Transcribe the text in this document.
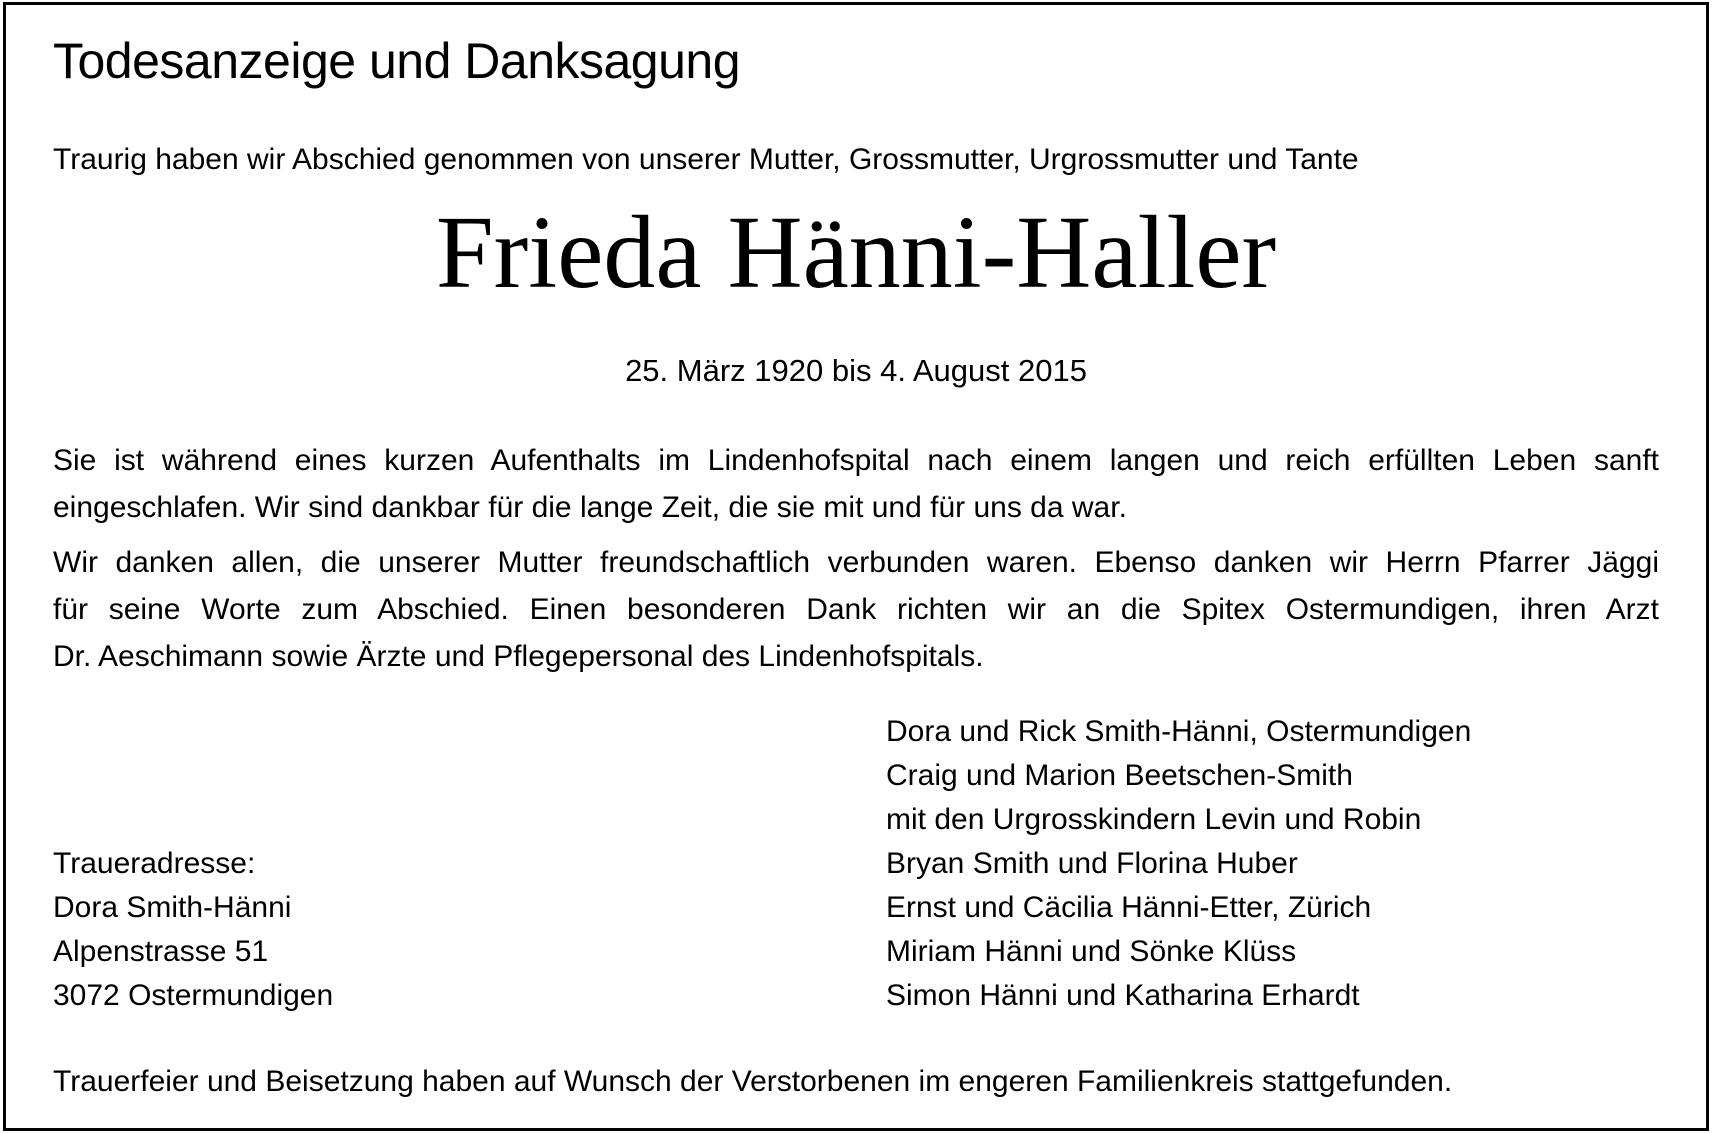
Todesanzeige und Danksagung
Traurig haben wir Abschied genommen von unserer Mutter, Grossmutter, Urgrossmutter und Tante
Frieda Hänni-Haller
25. März 1920 bis 4. August 2015
Sie ist während eines kurzen Aufenthalts im Lindenhofspital nach einem langen und reich erfüllten Leben sanft
eingeschlafen. Wir sind dankbar für die lange Zeit, die sie mit und für uns da war.
Wir danken allen, die unserer Mutter freundschaftlich verbunden waren. Ebenso danken wir Herrn Pfarrer Jäggi
für seine Worte zum Abschied. Einen besonderen Dank richten wir an die Spitex Ostermundigen, ihren Arzt
Dr. Aeschimann sowie Ärzte und Pflegepersonal des Lindenhofspitals.
Traueradresse:
Dora Smith-Hänni
Alpenstrasse 51
3072 Ostermundigen
Dora und Rick Smith-Hänni, Ostermundigen
Craig und Marion Beetschen-Smith
mit den Urgrosskindern Levin und Robin
Bryan Smith und Florina Huber
Ernst und Cäcilia Hänni-Etter, Zürich
Miriam Hänni und Sönke Klüss
Simon Hänni und Katharina Erhardt
Trauerfeier und Beisetzung haben auf Wunsch der Verstorbenen im engeren Familienkreis stattgefunden.
